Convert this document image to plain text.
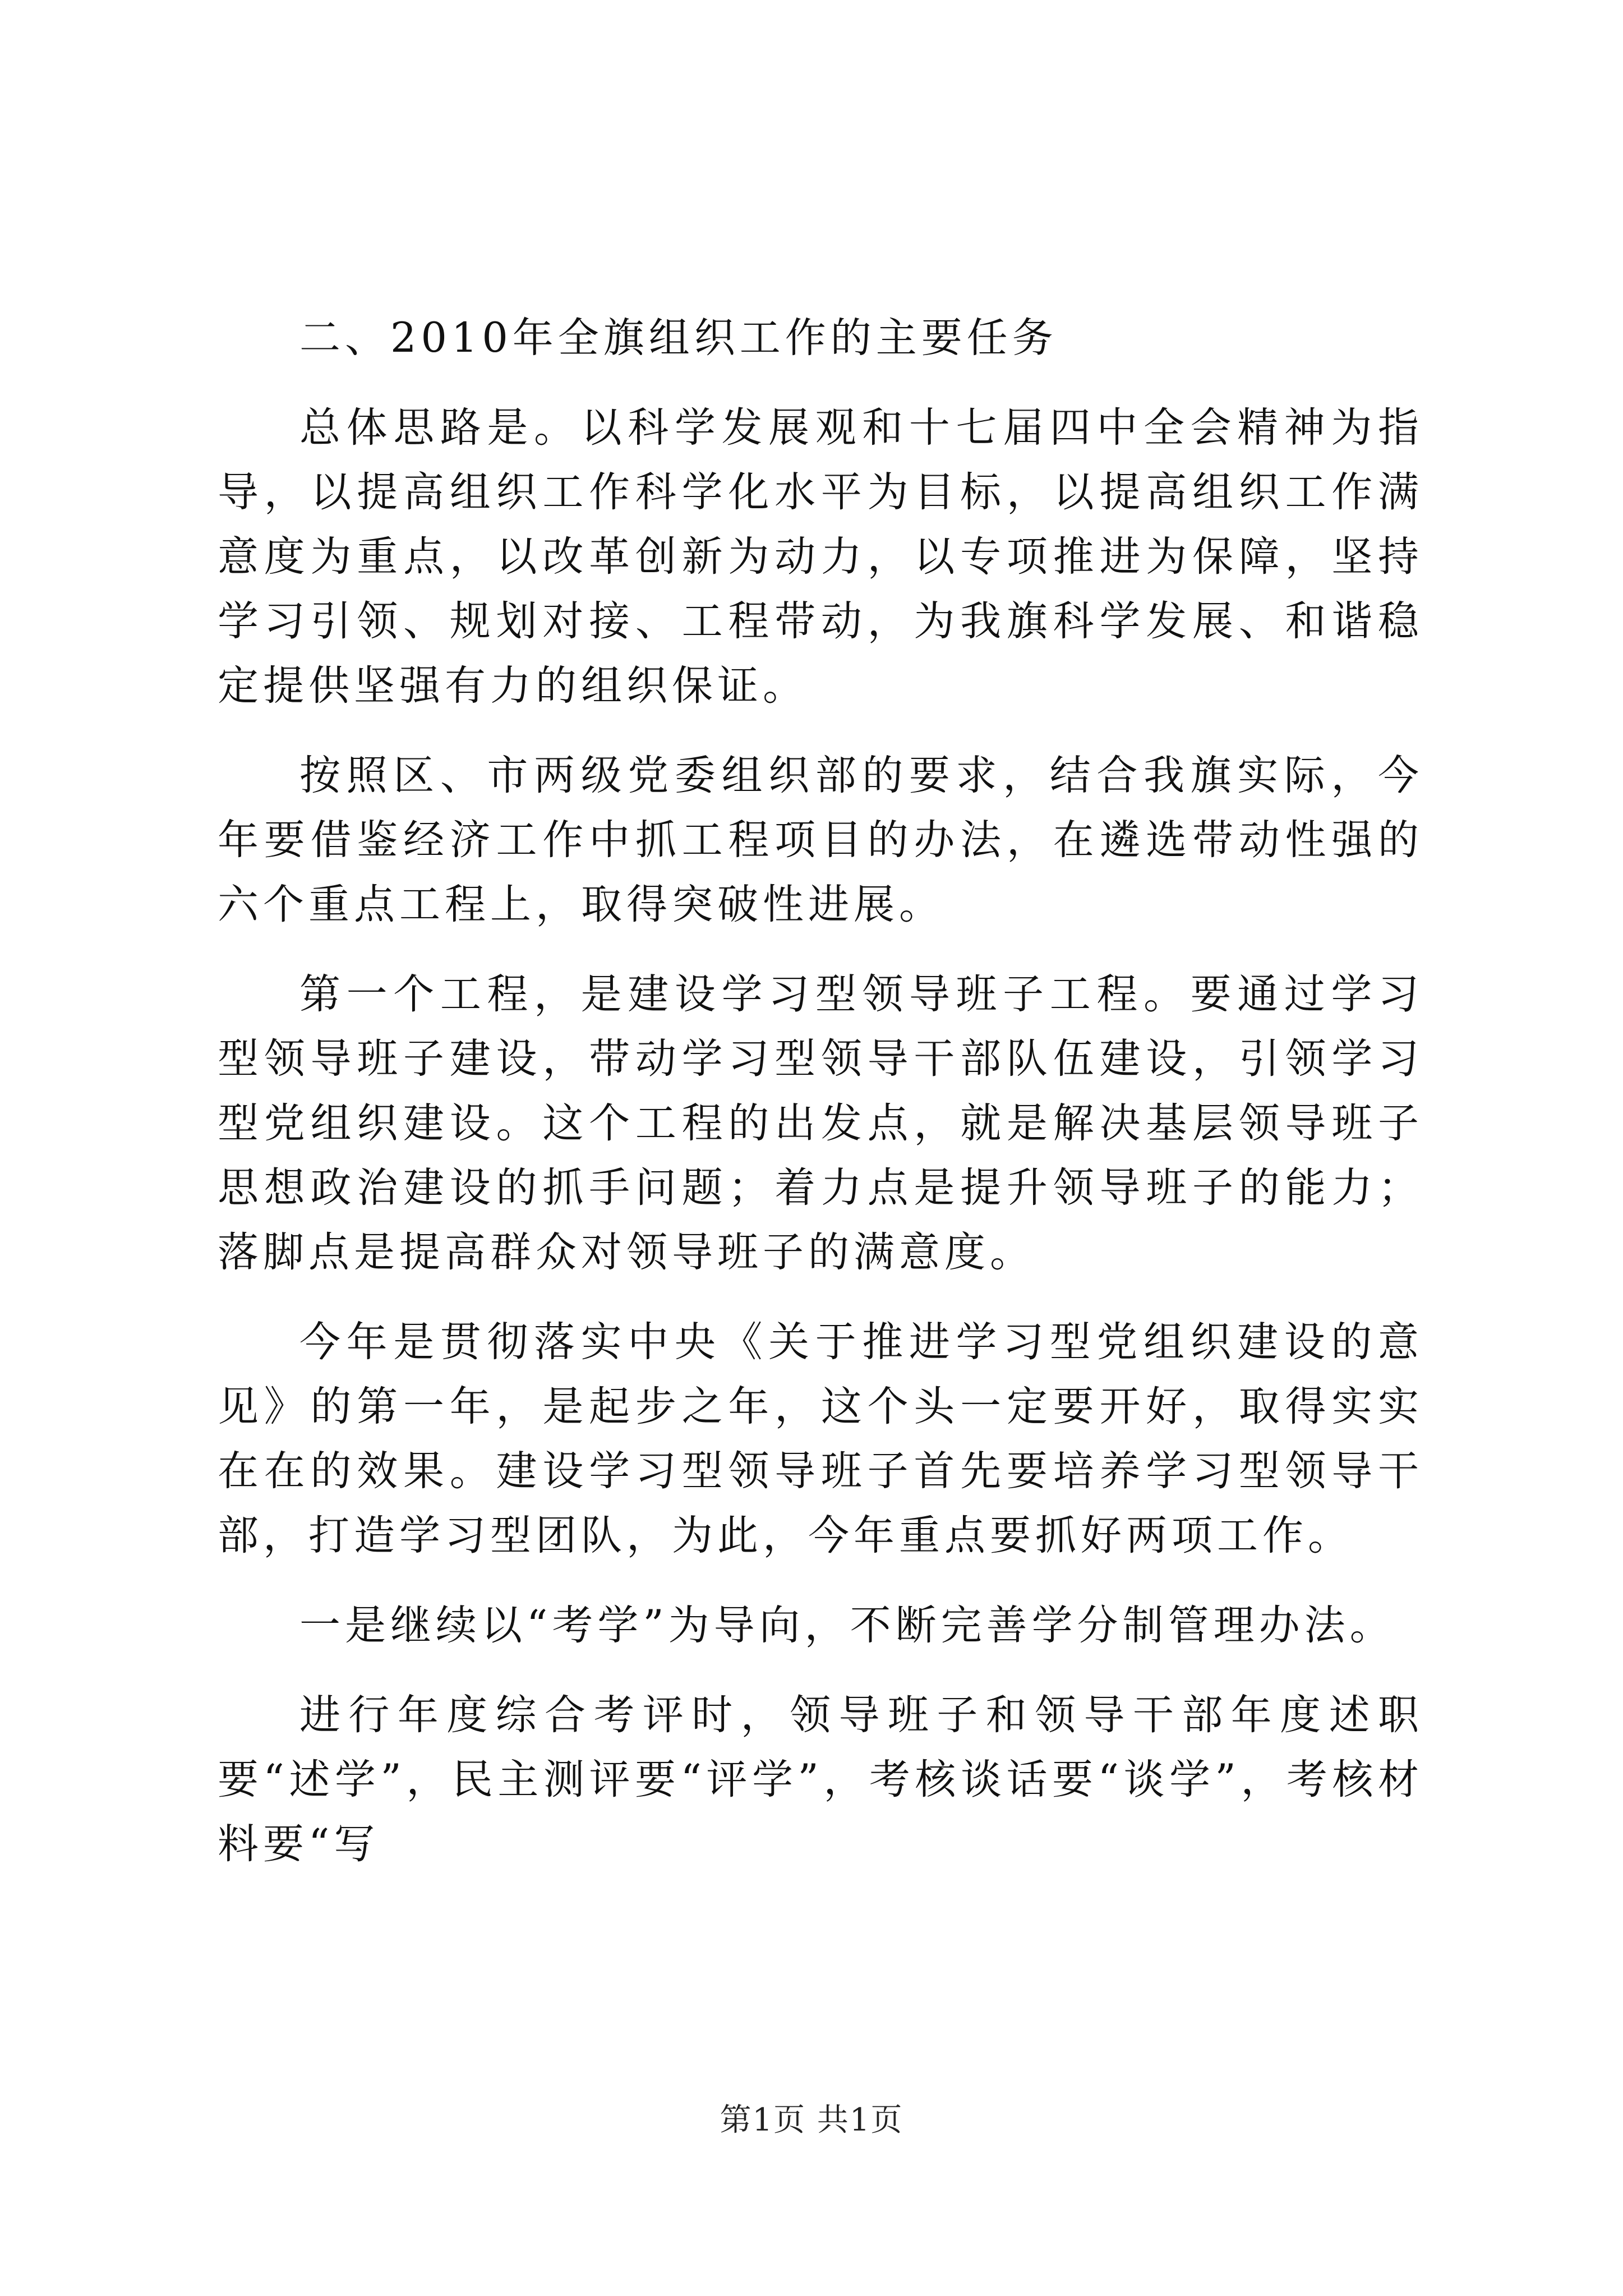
二、2010年全旗组织工作的主要任务

总体思路是。以科学发展观和十七届四中全会精神为指导，以提高组织工作科学化水平为目标，以提高组织工作满意度为重点，以改革创新为动力，以专项推进为保障，坚持学习引领、规划对接、工程带动，为我旗科学发展、和谐稳定提供坚强有力的组织保证。

按照区、市两级党委组织部的要求，结合我旗实际，今年要借鉴经济工作中抓工程项目的办法，在遴选带动性强的六个重点工程上，取得突破性进展。

第一个工程，是建设学习型领导班子工程。要通过学习型领导班子建设，带动学习型领导干部队伍建设，引领学习型党组织建设。这个工程的出发点，就是解决基层领导班子思想政治建设的抓手问题；着力点是提升领导班子的能力；落脚点是提高群众对领导班子的满意度。

今年是贯彻落实中央《关于推进学习型党组织建设的意见》的第一年，是起步之年，这个头一定要开好，取得实实在在的效果。建设学习型领导班子首先要培养学习型领导干部，打造学习型团队，为此，今年重点要抓好两项工作。

一是继续以“考学”为导向，不断完善学分制管理办法。

进行年度综合考评时，领导班子和领导干部年度述职要“述学”，民主测评要“评学”，考核谈话要“谈学”，考核材料要“写

第1页 共1页
